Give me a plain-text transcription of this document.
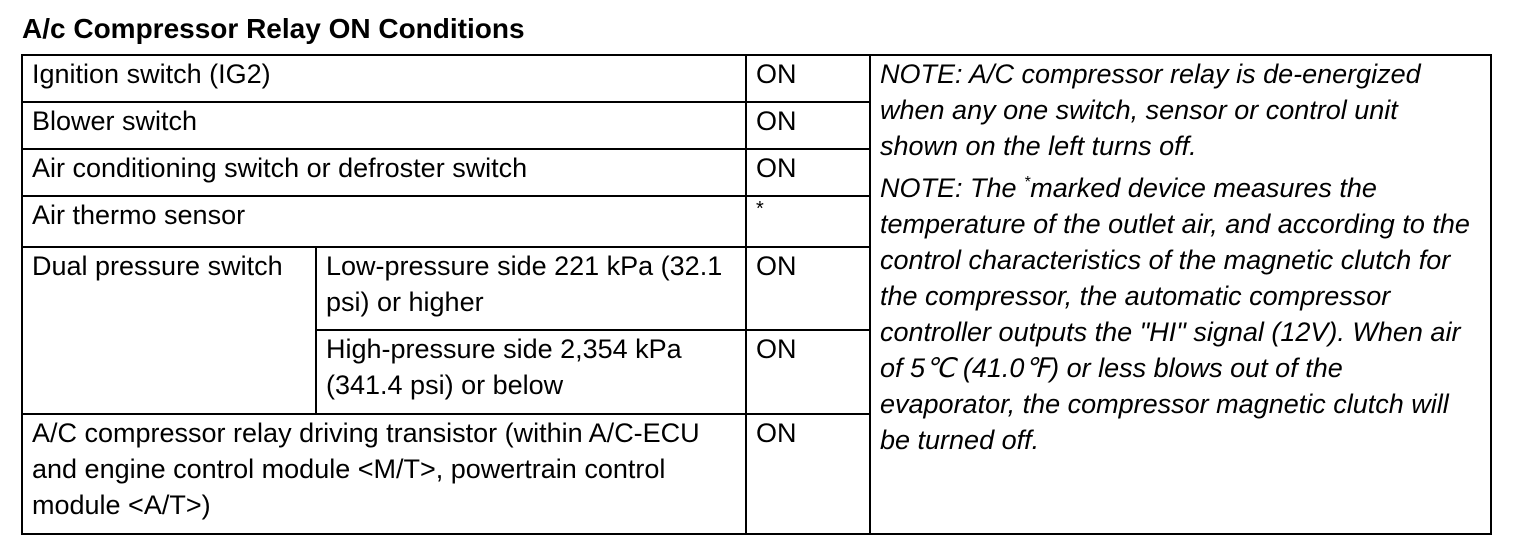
A/c Compressor Relay ON Conditions
Ignition switch (IG2)		ON	NOTE: A/C compressor relay is de-energized when any one switch, sensor or control unit shown on the left turns off.

NOTE: The *marked device measures the temperature of the outlet air, and according to the control characteristics of the magnetic clutch for the compressor, the automatic compressor controller outputs the "HI" signal (12V). When air of 5℃ (41.0℉) or less blows out of the evaporator, the compressor magnetic clutch will be turned off.

Blower switch		ON	
Air conditioning switch or defroster switch		ON	
Air thermo sensor		*	
Dual pressure switch	Low-pressure side 221 kPa (32.1 psi) or higher	ON	
	High-pressure side 2,354 kPa (341.4 psi) or below	ON	
A/C compressor relay driving transistor (within A/C-ECU and engine control module <M/T>, powertrain control module <A/T>)		ON	
